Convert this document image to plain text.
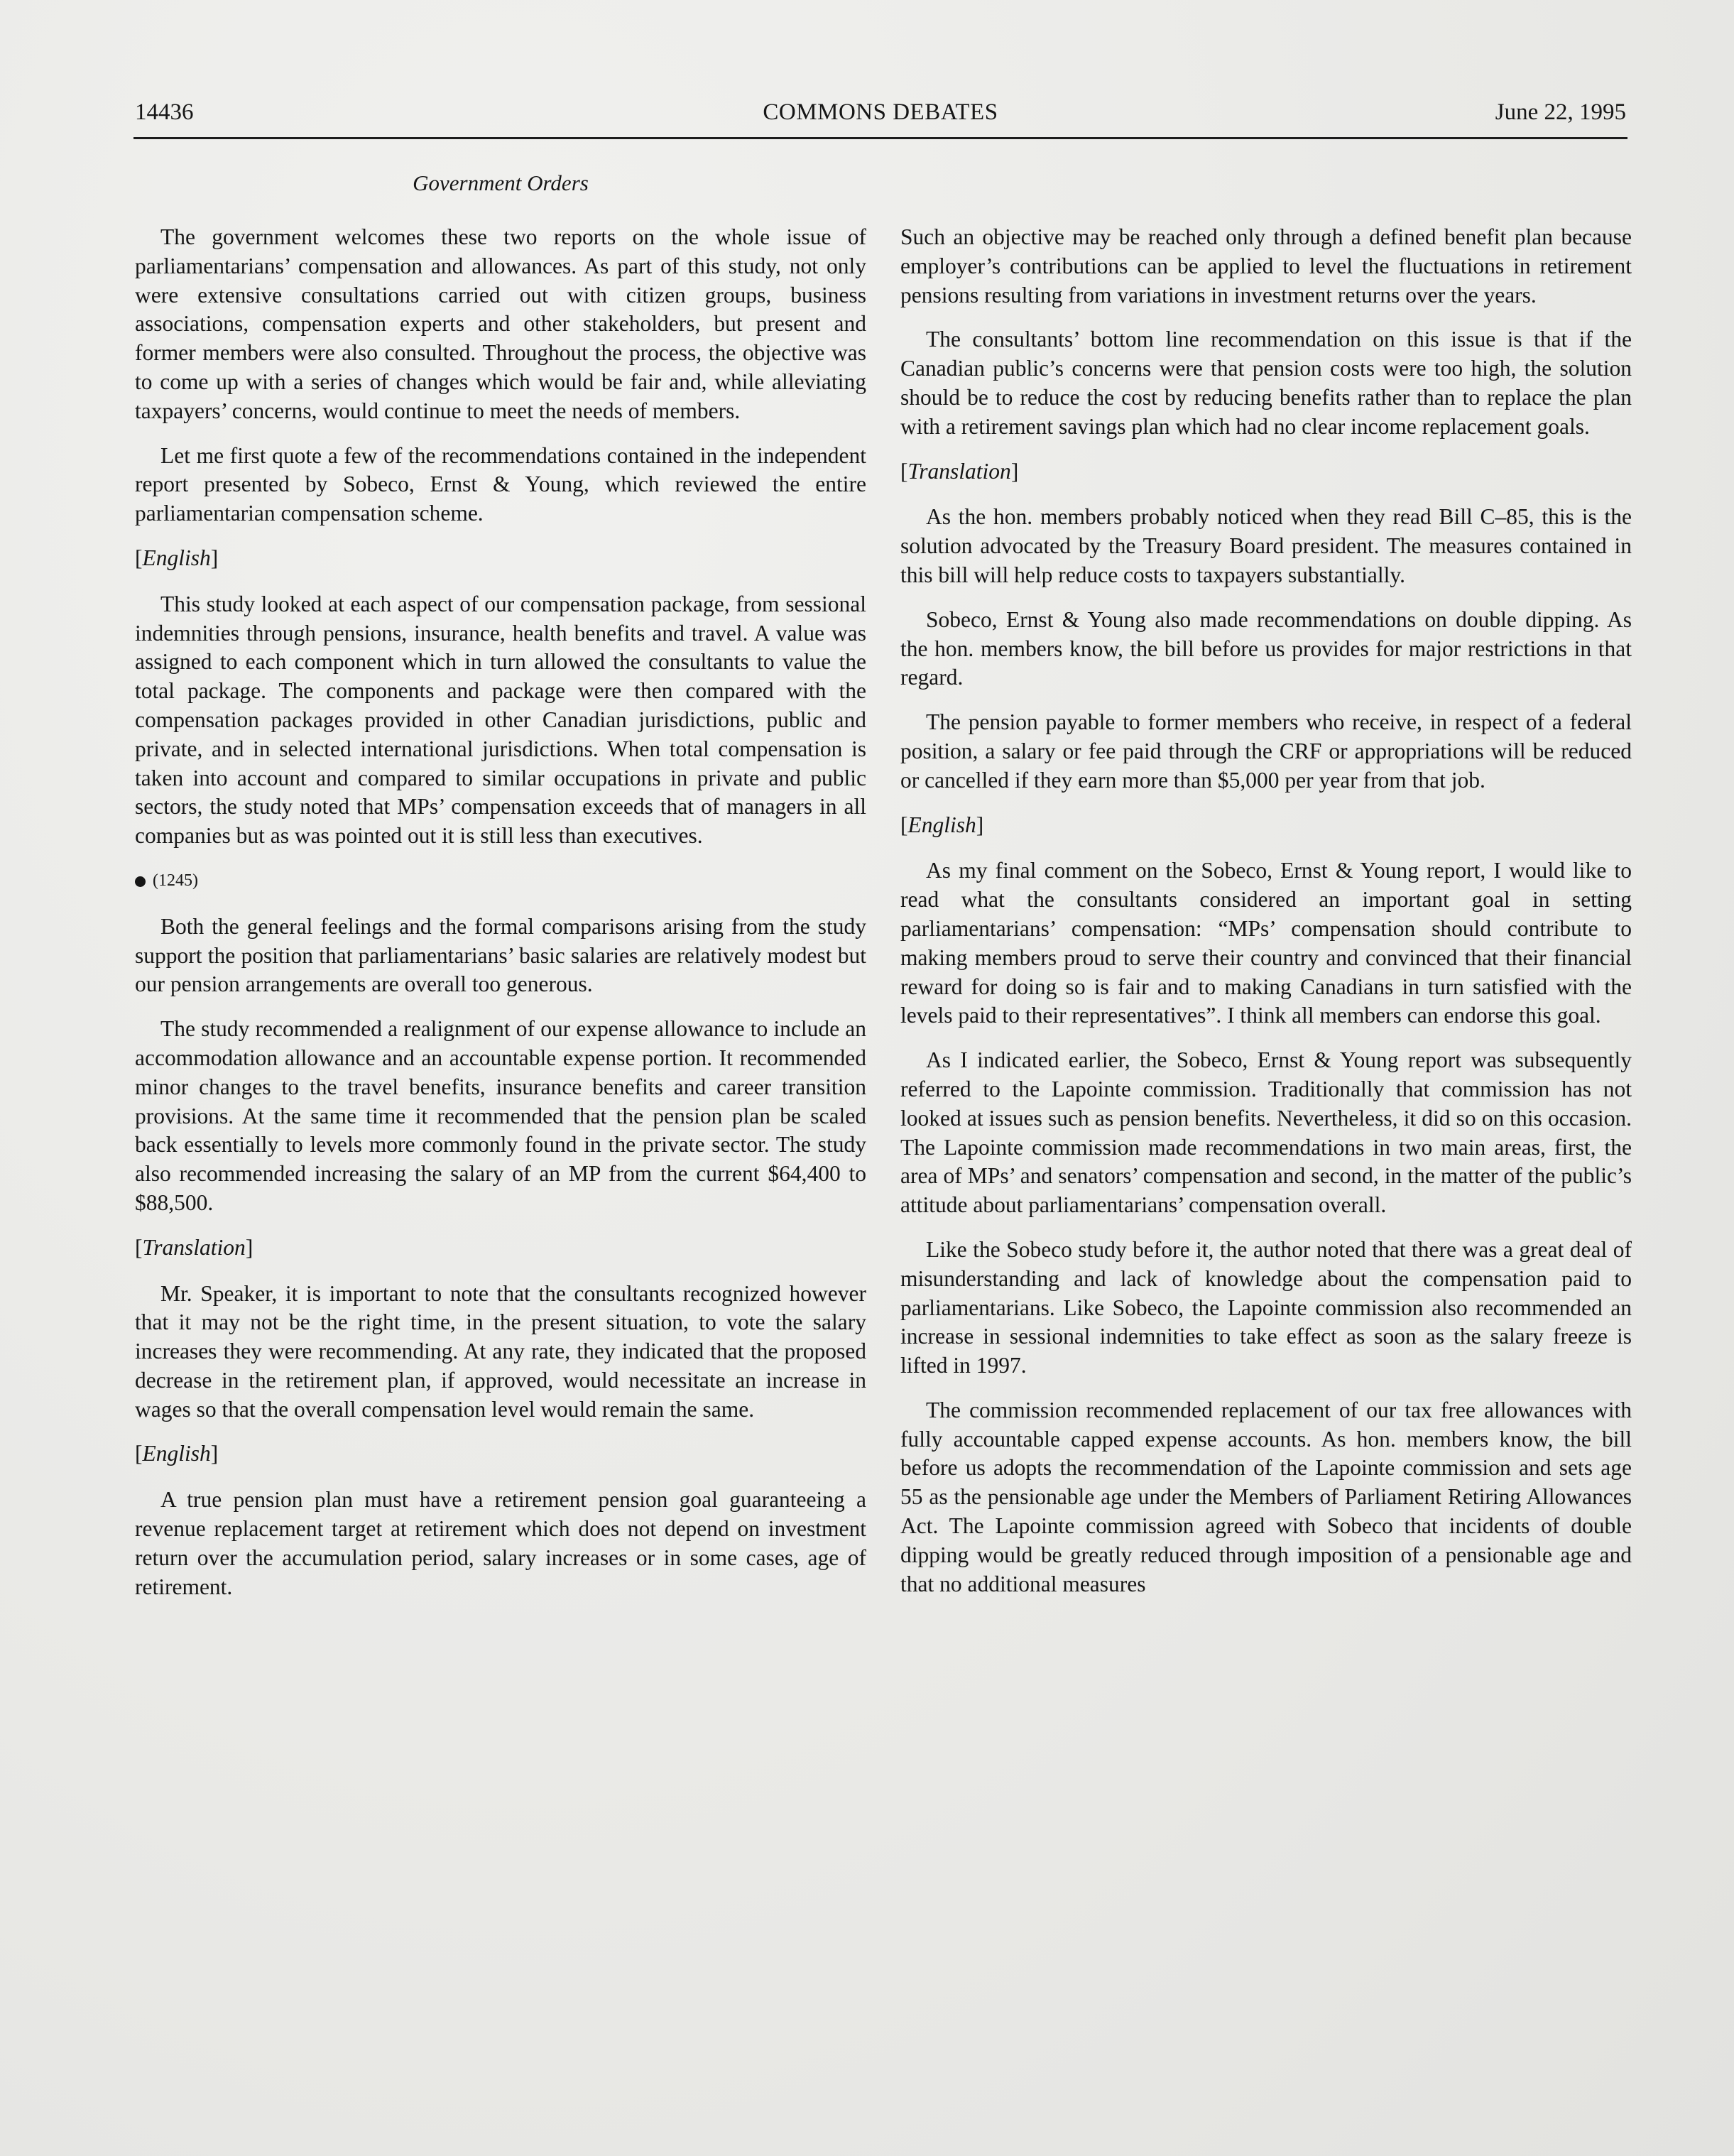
14436	COMMONS DEBATES	June 22, 1995
Government Orders

The government welcomes these two reports on the whole issue of parliamentarians’ compensation and allowances. As part of this study, not only were extensive consultations carried out with citizen groups, business associations, compensation experts and other stakeholders, but present and former members were also consulted. Throughout the process, the objective was to come up with a series of changes which would be fair and, while alleviating taxpayers’ concerns, would continue to meet the needs of members.

Let me first quote a few of the recommendations contained in the independent report presented by Sobeco, Ernst & Young, which reviewed the entire parliamentarian compensation scheme.

[English]

This study looked at each aspect of our compensation package, from sessional indemnities through pensions, insurance, health benefits and travel. A value was assigned to each component which in turn allowed the consultants to value the total package. The components and package were then compared with the compensation packages provided in other Canadian jurisdictions, public and private, and in selected international jurisdictions. When total compensation is taken into account and compared to similar occupations in private and public sectors, the study noted that MPs’ compensation exceeds that of managers in all companies but as was pointed out it is still less than executives.

(1245)

Both the general feelings and the formal comparisons arising from the study support the position that parliamentarians’ basic salaries are relatively modest but our pension arrangements are overall too generous.

The study recommended a realignment of our expense allowance to include an accommodation allowance and an accountable expense portion. It recommended minor changes to the travel benefits, insurance benefits and career transition provisions. At the same time it recommended that the pension plan be scaled back essentially to levels more commonly found in the private sector. The study also recommended increasing the salary of an MP from the current $64,400 to $88,500.

[Translation]

Mr. Speaker, it is important to note that the consultants recognized however that it may not be the right time, in the present situation, to vote the salary increases they were recommending. At any rate, they indicated that the proposed decrease in the retirement plan, if approved, would necessitate an increase in wages so that the overall compensation level would remain the same.

[English]

A true pension plan must have a retirement pension goal guaranteeing a revenue replacement target at retirement which does not depend on investment return over the accumulation period, salary increases or in some cases, age of retirement.

Such an objective may be reached only through a defined benefit plan because employer’s contributions can be applied to level the fluctuations in retirement pensions resulting from variations in investment returns over the years.

The consultants’ bottom line recommendation on this issue is that if the Canadian public’s concerns were that pension costs were too high, the solution should be to reduce the cost by reducing benefits rather than to replace the plan with a retirement savings plan which had no clear income replacement goals.

[Translation]

As the hon. members probably noticed when they read Bill C–85, this is the solution advocated by the Treasury Board president. The measures contained in this bill will help reduce costs to taxpayers substantially.

Sobeco, Ernst & Young also made recommendations on double dipping. As the hon. members know, the bill before us provides for major restrictions in that regard.

The pension payable to former members who receive, in respect of a federal position, a salary or fee paid through the CRF or appropriations will be reduced or cancelled if they earn more than $5,000 per year from that job.

[English]

As my final comment on the Sobeco, Ernst & Young report, I would like to read what the consultants considered an important goal in setting parliamentarians’ compensation: “MPs’ compensation should contribute to making members proud to serve their country and convinced that their financial reward for doing so is fair and to making Canadians in turn satisfied with the levels paid to their representatives”. I think all members can endorse this goal.

As I indicated earlier, the Sobeco, Ernst & Young report was subsequently referred to the Lapointe commission. Traditionally that commission has not looked at issues such as pension benefits. Nevertheless, it did so on this occasion. The Lapointe commission made recommendations in two main areas, first, the area of MPs’ and senators’ compensation and second, in the matter of the public’s attitude about parliamentarians’ compensation overall.

Like the Sobeco study before it, the author noted that there was a great deal of misunderstanding and lack of knowledge about the compensation paid to parliamentarians. Like Sobeco, the Lapointe commission also recommended an increase in sessional indemnities to take effect as soon as the salary freeze is lifted in 1997.

The commission recommended replacement of our tax free allowances with fully accountable capped expense accounts. As hon. members know, the bill before us adopts the recommendation of the Lapointe commission and sets age 55 as the pensionable age under the Members of Parliament Retiring Allowances Act. The Lapointe commission agreed with Sobeco that incidents of double dipping would be greatly reduced through imposition of a pensionable age and that no additional measures
